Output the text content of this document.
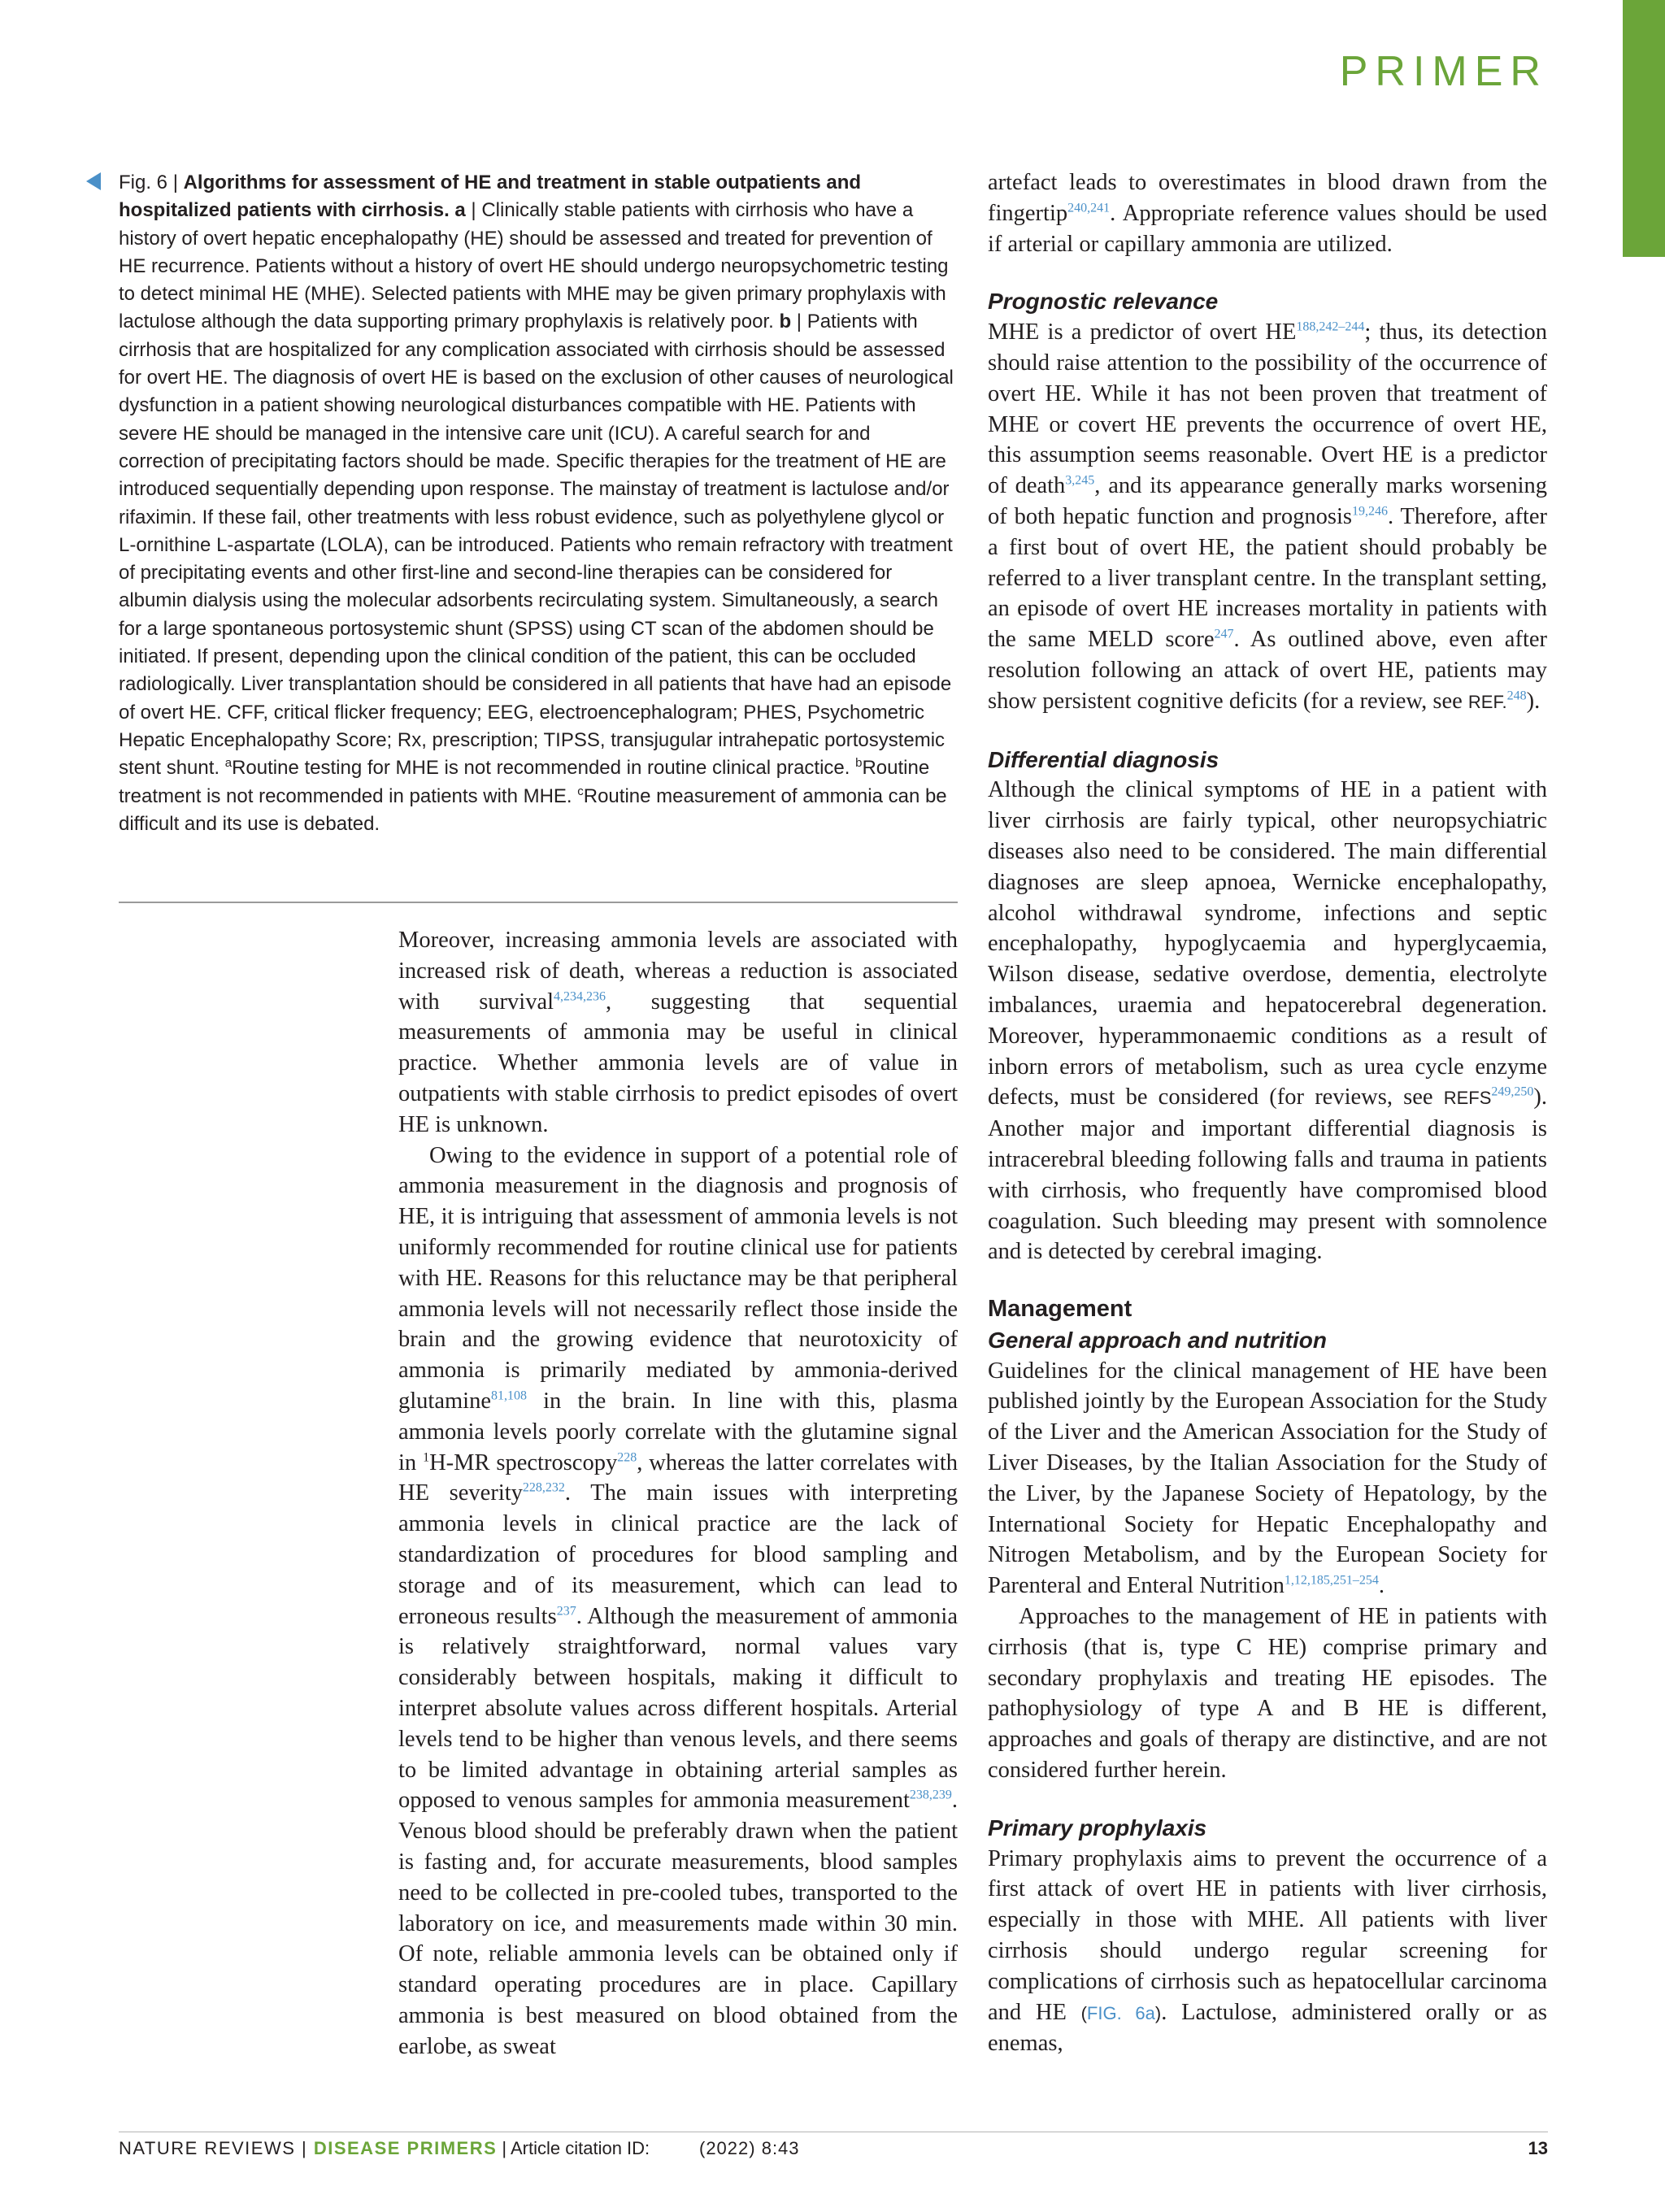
PRIMER
Fig. 6 | Algorithms for assessment of HE and treatment in stable outpatients and hospitalized patients with cirrhosis. a | Clinically stable patients with cirrhosis who have a history of overt hepatic encephalopathy (HE) should be assessed and treated for prevention of HE recurrence. Patients without a history of overt HE should undergo neuropsychometric testing to detect minimal HE (MHE). Selected patients with MHE may be given primary prophylaxis with lactulose although the data supporting primary prophylaxis is relatively poor. b | Patients with cirrhosis that are hospitalized for any complication associated with cirrhosis should be assessed for overt HE. The diagnosis of overt HE is based on the exclusion of other causes of neurological dysfunction in a patient showing neurological disturbances compatible with HE. Patients with severe HE should be managed in the intensive care unit (ICU). A careful search for and correction of precipitating factors should be made. Specific therapies for the treatment of HE are introduced sequentially depending upon response. The mainstay of treatment is lactulose and/or rifaximin. If these fail, other treatments with less robust evidence, such as polyethylene glycol or L-ornithine L-aspartate (LOLA), can be introduced. Patients who remain refractory with treatment of precipitating events and other first-line and second-line therapies can be considered for albumin dialysis using the molecular adsorbents recirculating system. Simultaneously, a search for a large spontaneous portosystemic shunt (SPSS) using CT scan of the abdomen should be initiated. If present, depending upon the clinical condition of the patient, this can be occluded radiologically. Liver transplantation should be considered in all patients that have had an episode of overt HE. CFF, critical flicker frequency; EEG, electroencephalogram; PHES, Psychometric Hepatic Encephalopathy Score; Rx, prescription; TIPSS, transjugular intrahepatic portosystemic stent shunt. $^a$Routine testing for MHE is not recommended in routine clinical practice. $^b$Routine treatment is not recommended in patients with MHE. $^c$Routine measurement of ammonia can be difficult and its use is debated.

Moreover, increasing ammonia levels are associated with increased risk of death, whereas a reduction is associated with survival$^{4,234,236}$, suggesting that sequential measurements of ammonia may be useful in clinical practice. Whether ammonia levels are of value in outpatients with stable cirrhosis to predict episodes of overt HE is unknown.

Owing to the evidence in support of a potential role of ammonia measurement in the diagnosis and prognosis of HE, it is intriguing that assessment of ammonia levels is not uniformly recommended for routine clinical use for patients with HE. Reasons for this reluctance may be that peripheral ammonia levels will not necessarily reflect those inside the brain and the growing evidence that neurotoxicity of ammonia is primarily mediated by ammonia-derived glutamine$^{81,108}$ in the brain. In line with this, plasma ammonia levels poorly correlate with the glutamine signal in $^1$H-MR spectroscopy$^{228}$, whereas the latter correlates with HE severity$^{228,232}$. The main issues with interpreting ammonia levels in clinical practice are the lack of standardization of procedures for blood sampling and storage and of its measurement, which can lead to erroneous results$^{237}$. Although the measurement of ammonia is relatively straightforward, normal values vary considerably between hospitals, making it difficult to interpret absolute values across different hospitals. Arterial levels tend to be higher than venous levels, and there seems to be limited advantage in obtaining arterial samples as opposed to venous samples for ammonia measurement$^{238,239}$. Venous blood should be preferably drawn when the patient is fasting and, for accurate measurements, blood samples need to be collected in pre-cooled tubes, transported to the laboratory on ice, and measurements made within 30 min. Of note, reliable ammonia levels can be obtained only if standard operating procedures are in place. Capillary ammonia is best measured on blood obtained from the earlobe, as sweat

artefact leads to overestimates in blood drawn from the fingertip$^{240,241}$. Appropriate reference values should be used if arterial or capillary ammonia are utilized.

Prognostic relevance

MHE is a predictor of overt HE$^{188,242-244}$; thus, its detection should raise attention to the possibility of the occurrence of overt HE. While it has not been proven that treatment of MHE or covert HE prevents the occurrence of overt HE, this assumption seems reasonable. Overt HE is a predictor of death$^{3,245}$, and its appearance generally marks worsening of both hepatic function and prognosis$^{19,246}$. Therefore, after a first bout of overt HE, the patient should probably be referred to a liver transplant centre. In the transplant setting, an episode of overt HE increases mortality in patients with the same MELD score$^{247}$. As outlined above, even after resolution following an attack of overt HE, patients may show persistent cognitive deficits (for a review, see REF.$^{248}$).

Differential diagnosis

Although the clinical symptoms of HE in a patient with liver cirrhosis are fairly typical, other neuropsychiatric diseases also need to be considered. The main differential diagnoses are sleep apnoea, Wernicke encephalopathy, alcohol withdrawal syndrome, infections and septic encephalopathy, hypoglycaemia and hyperglycaemia, Wilson disease, sedative overdose, dementia, electrolyte imbalances, uraemia and hepatocerebral degeneration. Moreover, hyperammonaemic conditions as a result of inborn errors of metabolism, such as urea cycle enzyme defects, must be considered (for reviews, see REFS$^{249,250}$). Another major and important differential diagnosis is intracerebral bleeding following falls and trauma in patients with cirrhosis, who frequently have compromised blood coagulation. Such bleeding may present with somnolence and is detected by cerebral imaging.

Management
General approach and nutrition

Guidelines for the clinical management of HE have been published jointly by the European Association for the Study of the Liver and the American Association for the Study of Liver Diseases, by the Italian Association for the Study of the Liver, by the Japanese Society of Hepatology, by the International Society for Hepatic Encephalopathy and Nitrogen Metabolism, and by the European Society for Parenteral and Enteral Nutrition$^{1,12,185,251-254}$.

Approaches to the management of HE in patients with cirrhosis (that is, type C HE) comprise primary and secondary prophylaxis and treating HE episodes. The pathophysiology of type A and B HE is different, approaches and goals of therapy are distinctive, and are not considered further herein.

Primary prophylaxis

Primary prophylaxis aims to prevent the occurrence of a first attack of overt HE in patients with liver cirrhosis, especially in those with MHE. All patients with liver cirrhosis should undergo regular screening for complications of cirrhosis such as hepatocellular carcinoma and HE (FIG. 6a). Lactulose, administered orally or as enemas,

NATURE REVIEWS | DISEASE PRIMERS | Article citation ID:	(2022) 8:43	13
